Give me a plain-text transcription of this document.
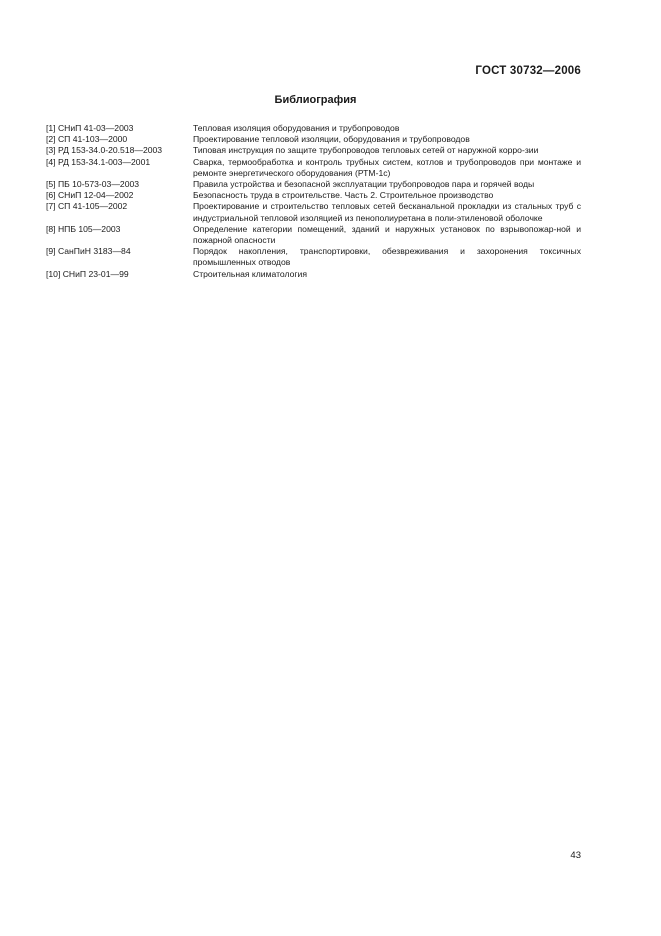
ГОСТ 30732—2006
Библиография
[1] СНиП 41-03—2003	Тепловая изоляция оборудования и трубопроводов
[2] СП 41-103—2000	Проектирование тепловой изоляции, оборудования и трубопроводов
[3] РД 153-34.0-20.518—2003	Типовая инструкция по защите трубопроводов тепловых сетей от наружной корро-зии
[4] РД 153-34.1-003—2001	Сварка, термообработка и контроль трубных систем, котлов и трубопроводов при монтаже и ремонте энергетического оборудования (РТМ-1с)
[5] ПБ 10-573-03—2003	Правила устройства и безопасной эксплуатации трубопроводов пара и горячей воды
[6] СНиП 12-04—2002	Безопасность труда в строительстве. Часть 2. Строительное производство
[7] СП 41-105—2002	Проектирование и строительство тепловых сетей бесканальной прокладки из стальных труб с индустриальной тепловой изоляцией из пенополиуретана в поли-этиленовой оболочке
[8] НПБ 105—2003	Определение категории помещений, зданий и наружных установок по взрывопожар-ной и пожарной опасности
[9] СанПиН 3183—84	Порядок накопления, транспортировки, обезвреживания и захоронения токсичных промышленных отводов
[10] СНиП 23-01—99	Строительная климатология
43
